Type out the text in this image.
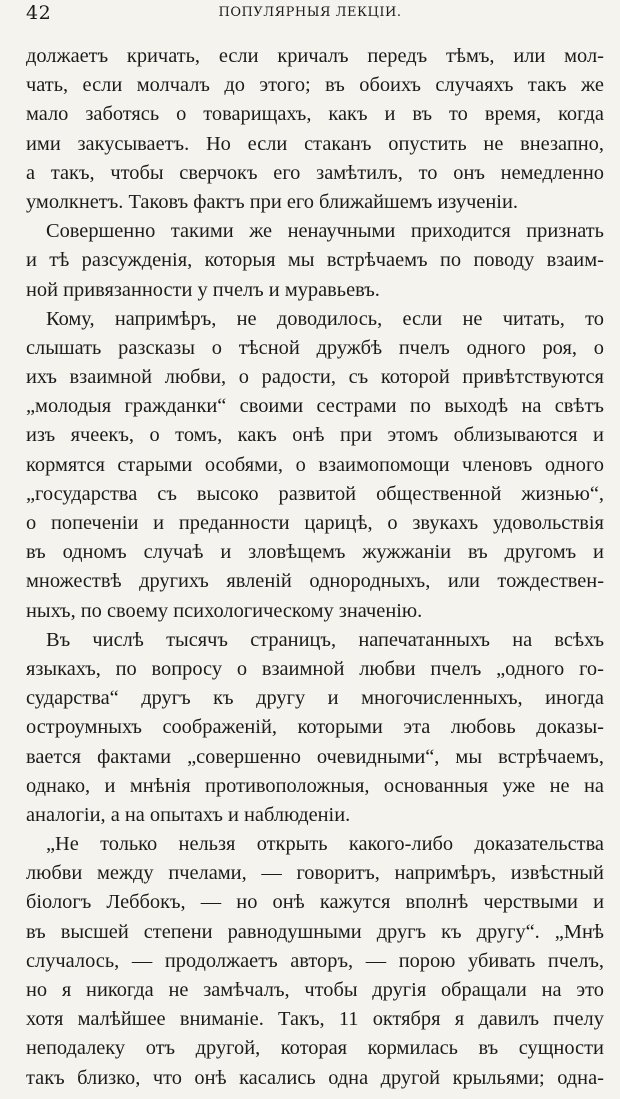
42	ПОПУЛЯРНЫЯ ЛЕКЦІИ.
должаетъ кричать, если кричалъ передъ тѣмъ, или мол-
чать, если молчалъ до этого; въ обоихъ случаяхъ такъ же
мало заботясь о товарищахъ, какъ и въ то время, когда
ими закусываетъ. Но если стаканъ опустить не внезапно,
а такъ, чтобы сверчокъ его замѣтилъ, то онъ немедленно
умолкнетъ. Таковъ фактъ при его ближайшемъ изученіи.
Совершенно такими же ненаучными приходится признать
и тѣ разсужденія, которыя мы встрѣчаемъ по поводу взаим-
ной привязанности у пчелъ и муравьевъ.
Кому, напримѣръ, не доводилось, если не читать, то
слышать разсказы о тѣсной дружбѣ пчелъ одного роя, о
ихъ взаимной любви, о радости, съ которой привѣтствуются
„молодыя гражданки“ своими сестрами по выходѣ на свѣтъ
изъ ячеекъ, о томъ, какъ онѣ при этомъ облизываются и
кормятся старыми особями, о взаимопомощи членовъ одного
„государства съ высоко развитой общественной жизнью“,
о попеченіи и преданности царицѣ, о звукахъ удовольствія
въ одномъ случаѣ и зловѣщемъ жужжаніи въ другомъ и
множествѣ другихъ явленій однородныхъ, или тождествен-
ныхъ, по своему психологическому значенію.
Въ числѣ тысячъ страницъ, напечатанныхъ на всѣхъ
языкахъ, по вопросу о взаимной любви пчелъ „одного го-
сударства“ другъ къ другу и многочисленныхъ, иногда
остроумныхъ соображеній, которыми эта любовь доказы-
вается фактами „совершенно очевидными“, мы встрѣчаемъ,
однако, и мнѣнія противоположныя, основанныя уже не на
аналогіи, а на опытахъ и наблюденіи.
„Не только нельзя открыть какого-либо доказательства
любви между пчелами, — говоритъ, напримѣръ, извѣстный
біологъ Леббокъ, — но онѣ кажутся вполнѣ черствыми и
въ высшей степени равнодушными другъ къ другу“. „Мнѣ
случалось, — продолжаетъ авторъ, — порою убивать пчелъ,
но я никогда не замѣчалъ, чтобы другія обращали на это
хотя малѣйшее вниманіе. Такъ, 11 октября я давилъ пчелу
неподалеку отъ другой, которая кормилась въ сущности
такъ близко, что онѣ касались одна другой крыльями; одна-
